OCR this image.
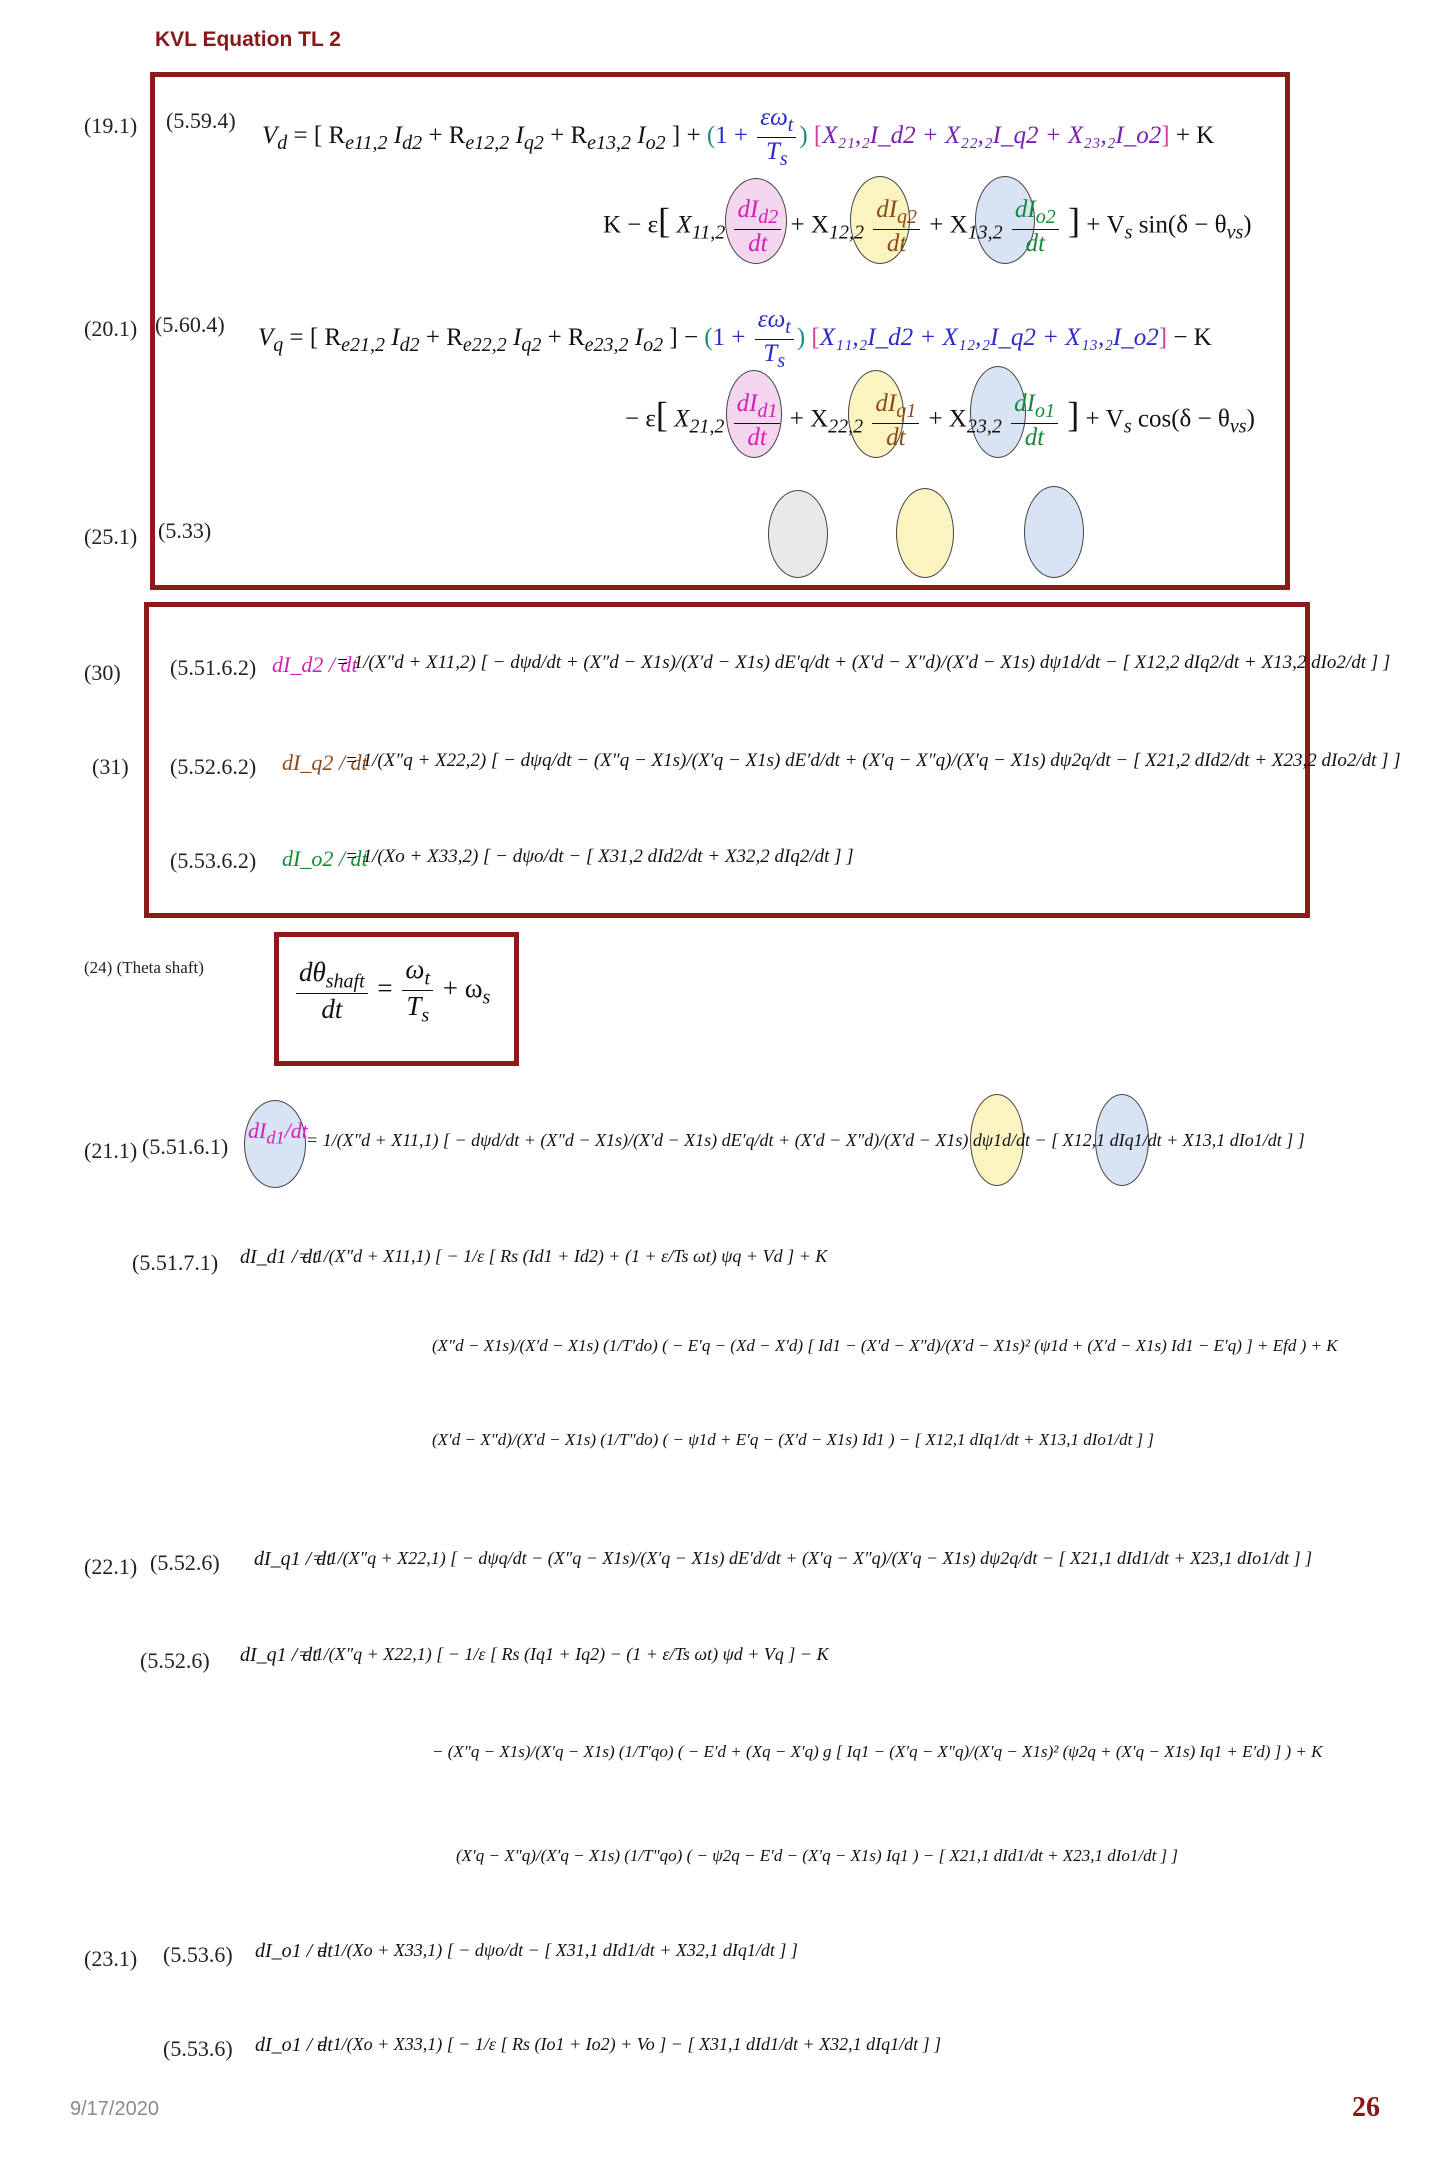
KVL Equation TL 2
(19.1) (5.59.4)
$V_d$ = [ $R_{e11,2}$ $I_{d2} + R_{e12,2}$ $I_{q2} + R_{e13,2}$ $I_{o2}$ ] + ($1 + \frac{\varepsilon\omega_t}{T_s}$ ) [X₂₁,₂I_d2 + X₂₂,₂I_q2 + X₂₃,₂I_o2] + K
K − ε[ $X_{11,2} \frac{dI_{d2}}{dt} + X_{12,2} \frac{dI_{q2}}{dt} + X_{13,2} \frac{dI_{o2}}{dt}$ ] + $V_s$ $\sin(\delta - \theta_{vs})$
(20.1) (5.60.4) $V_q$ = [ $R_{e21,2}$ $I_{d2} + R_{e22,2}$ $I_{q2} + R_{e23,2}$ $I_{o2}$ ] − ($1 + \frac{\varepsilon\omega_t}{T_s}$ ) [X₁₁,₂I_d2 + X₁₂,₂I_q2 + X₁₃,₂I_o2] − K
− ε[ $X_{21,2} \frac{dI_{d1}}{dt} + X_{22,2} \frac{dI_{q1}}{dt} + X_{23,2} \frac{dI_{o1}}{dt}$ ] + $V_s$ $\cos(\delta - \theta_{vs})$
(25.1) (5.33)
(30) (5.51.6.2) dI_d2 / dt
= 1/(X″d + X11,2) [ − dψd/dt + (X″d − X1s)/(X′d − X1s) dE′q/dt + (X′d − X″d)/(X′d − X1s) dψ1d/dt − [ X12,2 dIq2/dt + X13,2 dIo2/dt ] ]
(31) (5.52.6.2) dI_q2 / dt
= 1/(X″q + X22,2) [ − dψq/dt − (X″q − X1s)/(X′q − X1s) dE′d/dt + (X′q − X″q)/(X′q − X1s) dψ2q/dt − [ X21,2 dId2/dt + X23,2 dIo2/dt ] ]
(5.53.6.2) dI_o2 / dt
= 1/(Xo + X33,2) [ − dψo/dt − [ X31,2 dId2/dt + X32,2 dIq2/dt ] ]
(24) (Theta shaft)	$\frac{d\theta_{shaft}}{dt} = \frac{\omega_t}{T_s} + \omega_s$
(21.1) (5.51.6.1)
$dI_{d1}/dt$
= 1/(X″d + X11,1) [ − dψd/dt + (X″d − X1s)/(X′d − X1s) dE′q/dt + (X′d − X″d)/(X′d − X1s) dψ1d/dt − [ X12,1 dIq1/dt + X13,1 dIo1/dt ] ]
(5.51.7.1) dI_d1 / dt
= 1/(X″d + X11,1) [ − 1/ε [ Rs (Id1 + Id2) + (1 + ε/Ts ωt) ψq + Vd ] + K
(X″d − X1s)/(X′d − X1s) (1/T′do) ( − E′q − (Xd − X′d) [ Id1 − (X′d − X″d)/(X′d − X1s)² (ψ1d + (X′d − X1s) Id1 − E′q) ] + Efd ) + K
(X′d − X″d)/(X′d − X1s) (1/T″do) ( − ψ1d + E′q − (X′d − X1s) Id1 ) − [ X12,1 dIq1/dt + X13,1 dIo1/dt ] ]
(22.1) (5.52.6) dI_q1 / dt
= 1/(X″q + X22,1) [ − dψq/dt − (X″q − X1s)/(X′q − X1s) dE′d/dt + (X′q − X″q)/(X′q − X1s) dψ2q/dt − [ X21,1 dId1/dt + X23,1 dIo1/dt ] ]
(5.52.6) dI_q1 / dt
= 1/(X″q + X22,1) [ − 1/ε [ Rs (Iq1 + Iq2) − (1 + ε/Ts ωt) ψd + Vq ] − K
− (X″q − X1s)/(X′q − X1s) (1/T′qo) ( − E′d + (Xq − X′q) g [ Iq1 − (X′q − X″q)/(X′q − X1s)² (ψ2q + (X′q − X1s) Iq1 + E′d) ] ) + K
(X′q − X″q)/(X′q − X1s) (1/T″qo) ( − ψ2q − E′d − (X′q − X1s) Iq1 ) − [ X21,1 dId1/dt + X23,1 dIo1/dt ] ]
(23.1) (5.53.6) dI_o1 / dt
= 1/(Xo + X33,1) [ − dψo/dt − [ X31,1 dId1/dt + X32,1 dIq1/dt ] ]
(5.53.6) dI_o1 / dt
= 1/(Xo + X33,1) [ − 1/ε [ Rs (Io1 + Io2) + Vo ] − [ X31,1 dId1/dt + X32,1 dIq1/dt ] ]
9/17/2020	26
